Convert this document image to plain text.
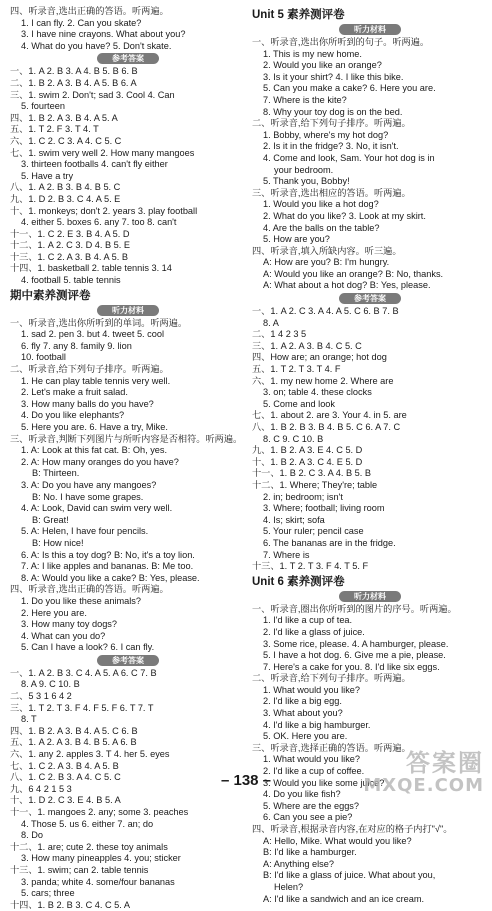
四、听录音,选出正确的答语。听两遍。
1. I can fly. 2. Can you skate?
3. I have nine crayons. What about you?
4. What do you have? 5. Don't skate.
参考答案
一、1. A 2. B 3. A 4. B 5. B 6. B
二、1. B 2. A 3. B 4. A 5. B 6. A
三、1. swim 2. Don't; sad 3. Cool 4. Can
5. fourteen
四、1. B 2. A 3. B 4. A 5. A
五、1. T 2. F 3. T 4. T
六、1. C 2. C 3. A 4. C 5. C
七、1. swim very well 2. How many mangoes
3. thirteen footballs 4. can't fly either
5. Have a try
八、1. A 2. B 3. B 4. B 5. C
九、1. D 2. B 3. C 4. A 5. E
十、1. monkeys; don't 2. years 3. play football
4. either 5. boxes 6. any 7. too 8. can't
十一、1. C 2. E 3. B 4. A 5. D
十二、1. A 2. C 3. D 4. B 5. E
十三、1. C 2. A 3. B 4. A 5. B
十四、1. basketball 2. table tennis 3. 14
4. football 5. table tennis
期中素养测评卷
听力材料
一、听录音,选出你所听到的单词。听两遍。
1. sad 2. pen 3. but 4. tweet 5. cool
6. fly 7. any 8. family 9. lion
10. football
二、听录音,给下列句子排序。听两遍。
1. He can play table tennis very well.
2. Let's make a fruit salad.
3. How many balls do you have?
4. Do you like elephants?
5. Here you are. 6. Have a try, Mike.
三、听录音,判断下列图片与所听内容是否相符。听两遍。
1. A: Look at this fat cat. B: Oh, yes.
2. A: How many oranges do you have?
B: Thirteen.
3. A: Do you have any mangoes?
B: No. I have some grapes.
4. A: Look, David can swim very well.
B: Great!
5. A: Helen, I have four pencils.
B: How nice!
6. A: Is this a toy dog? B: No, it's a toy lion.
7. A: I like apples and bananas. B: Me too.
8. A: Would you like a cake? B: Yes, please.
四、听录音,选出正确的答语。听两遍。
1. Do you like these animals?
2. Here you are.
3. How many toy dogs?
4. What can you do?
5. Can I have a look? 6. I can fly.
参考答案
一、1. A 2. B 3. C 4. A 5. A 6. C 7. B
8. A 9. C 10. B
二、5 3 1 6 4 2
三、1. T 2. T 3. F 4. F 5. F 6. T 7. T
8. T
四、1. B 2. A 3. B 4. A 5. C 6. B
五、1. A 2. A 3. B 4. B 5. A 6. B
六、1. any 2. apples 3. T 4. her 5. eyes
七、1. C 2. A 3. B 4. A 5. B
八、1. C 2. B 3. A 4. C 5. C
九、6 4 2 1 5 3
十、1. D 2. C 3. E 4. B 5. A
十一、1. mangoes 2. any; some 3. peaches
4. Those 5. us 6. either 7. an; do
8. Do
十二、1. are; cute 2. these toy animals
3. How many pineapples 4. you; sticker
十三、1. swim; can 2. table tennis
3. panda; white 4. some/four bananas
5. cars; three
十四、1. B 2. B 3. C 4. C 5. A
Unit 5 素养测评卷
听力材料
一、听录音,选出你所听到的句子。听两遍。
1. This is my new home.
2. Would you like an orange?
3. Is it your shirt? 4. I like this bike.
5. Can you make a cake? 6. Here you are.
7. Where is the kite?
8. Why your toy dog is on the bed.
二、听录音,给下列句子排序。听两遍。
1. Bobby, where's my hot dog?
2. Is it in the fridge? 3. No, it isn't.
4. Come and look, Sam. Your hot dog is in
your bedroom.
5. Thank you, Bobby!
三、听录音,选出相应的答语。听两遍。
1. Would you like a hot dog?
2. What do you like? 3. Look at my skirt.
4. Are the balls on the table?
5. How are you?
四、听录音,填入所缺内容。听三遍。
A: How are you? B: I'm hungry.
A: Would you like an orange? B: No, thanks.
A: What about a hot dog? B: Yes, please.
参考答案
一、1. A 2. C 3. A 4. A 5. C 6. B 7. B
8. A
二、1 4 2 3 5
三、1. A 2. A 3. B 4. C 5. C
四、How are; an orange; hot dog
五、1. T 2. T 3. T 4. F
六、1. my new home 2. Where are
3. on; table 4. these clocks
5. Come and look
七、1. about 2. are 3. Your 4. in 5. are
八、1. B 2. B 3. B 4. B 5. C 6. A 7. C
8. C 9. C 10. B
九、1. B 2. A 3. E 4. C 5. D
十、1. B 2. A 3. C 4. E 5. D
十一、1. B 2. C 3. A 4. B 5. B
十二、1. Where; They're; table
2. in; bedroom; isn't
3. Where; football; living room
4. Is; skirt; sofa
5. Your ruler; pencil case
6. The bananas are in the fridge.
7. Where is
十三、1. T 2. T 3. F 4. T 5. F
Unit 6 素养测评卷
听力材料
一、听录音,圈出你所听到的图片的序号。听两遍。
1. I'd like a cup of tea.
2. I'd like a glass of juice.
3. Some rice, please. 4. A hamburger, please.
5. I have a hot dog. 6. Give me a pie, please.
7. Here's a cake for you. 8. I'd like six eggs.
二、听录音,给下列句子排序。听两遍。
1. What would you like?
2. I'd like a big egg.
3. What about you?
4. I'd like a big hamburger.
5. OK. Here you are.
三、听录音,选择正确的答语。听两遍。
1. What would you like?
2. I'd like a cup of coffee.
3. Would you like some juice?
4. Do you like fish?
5. Where are the eggs?
6. Can you see a pie?
四、听录音,根据录音内容,在对应的格子内打"√"。
A: Hello, Mike. What would you like?
B: I'd like a hamburger.
A: Anything else?
B: I'd like a glass of juice. What about you,
Helen?
A: I'd like a sandwich and an ice cream.
– 138 –
答案圈
MXQE.COM
